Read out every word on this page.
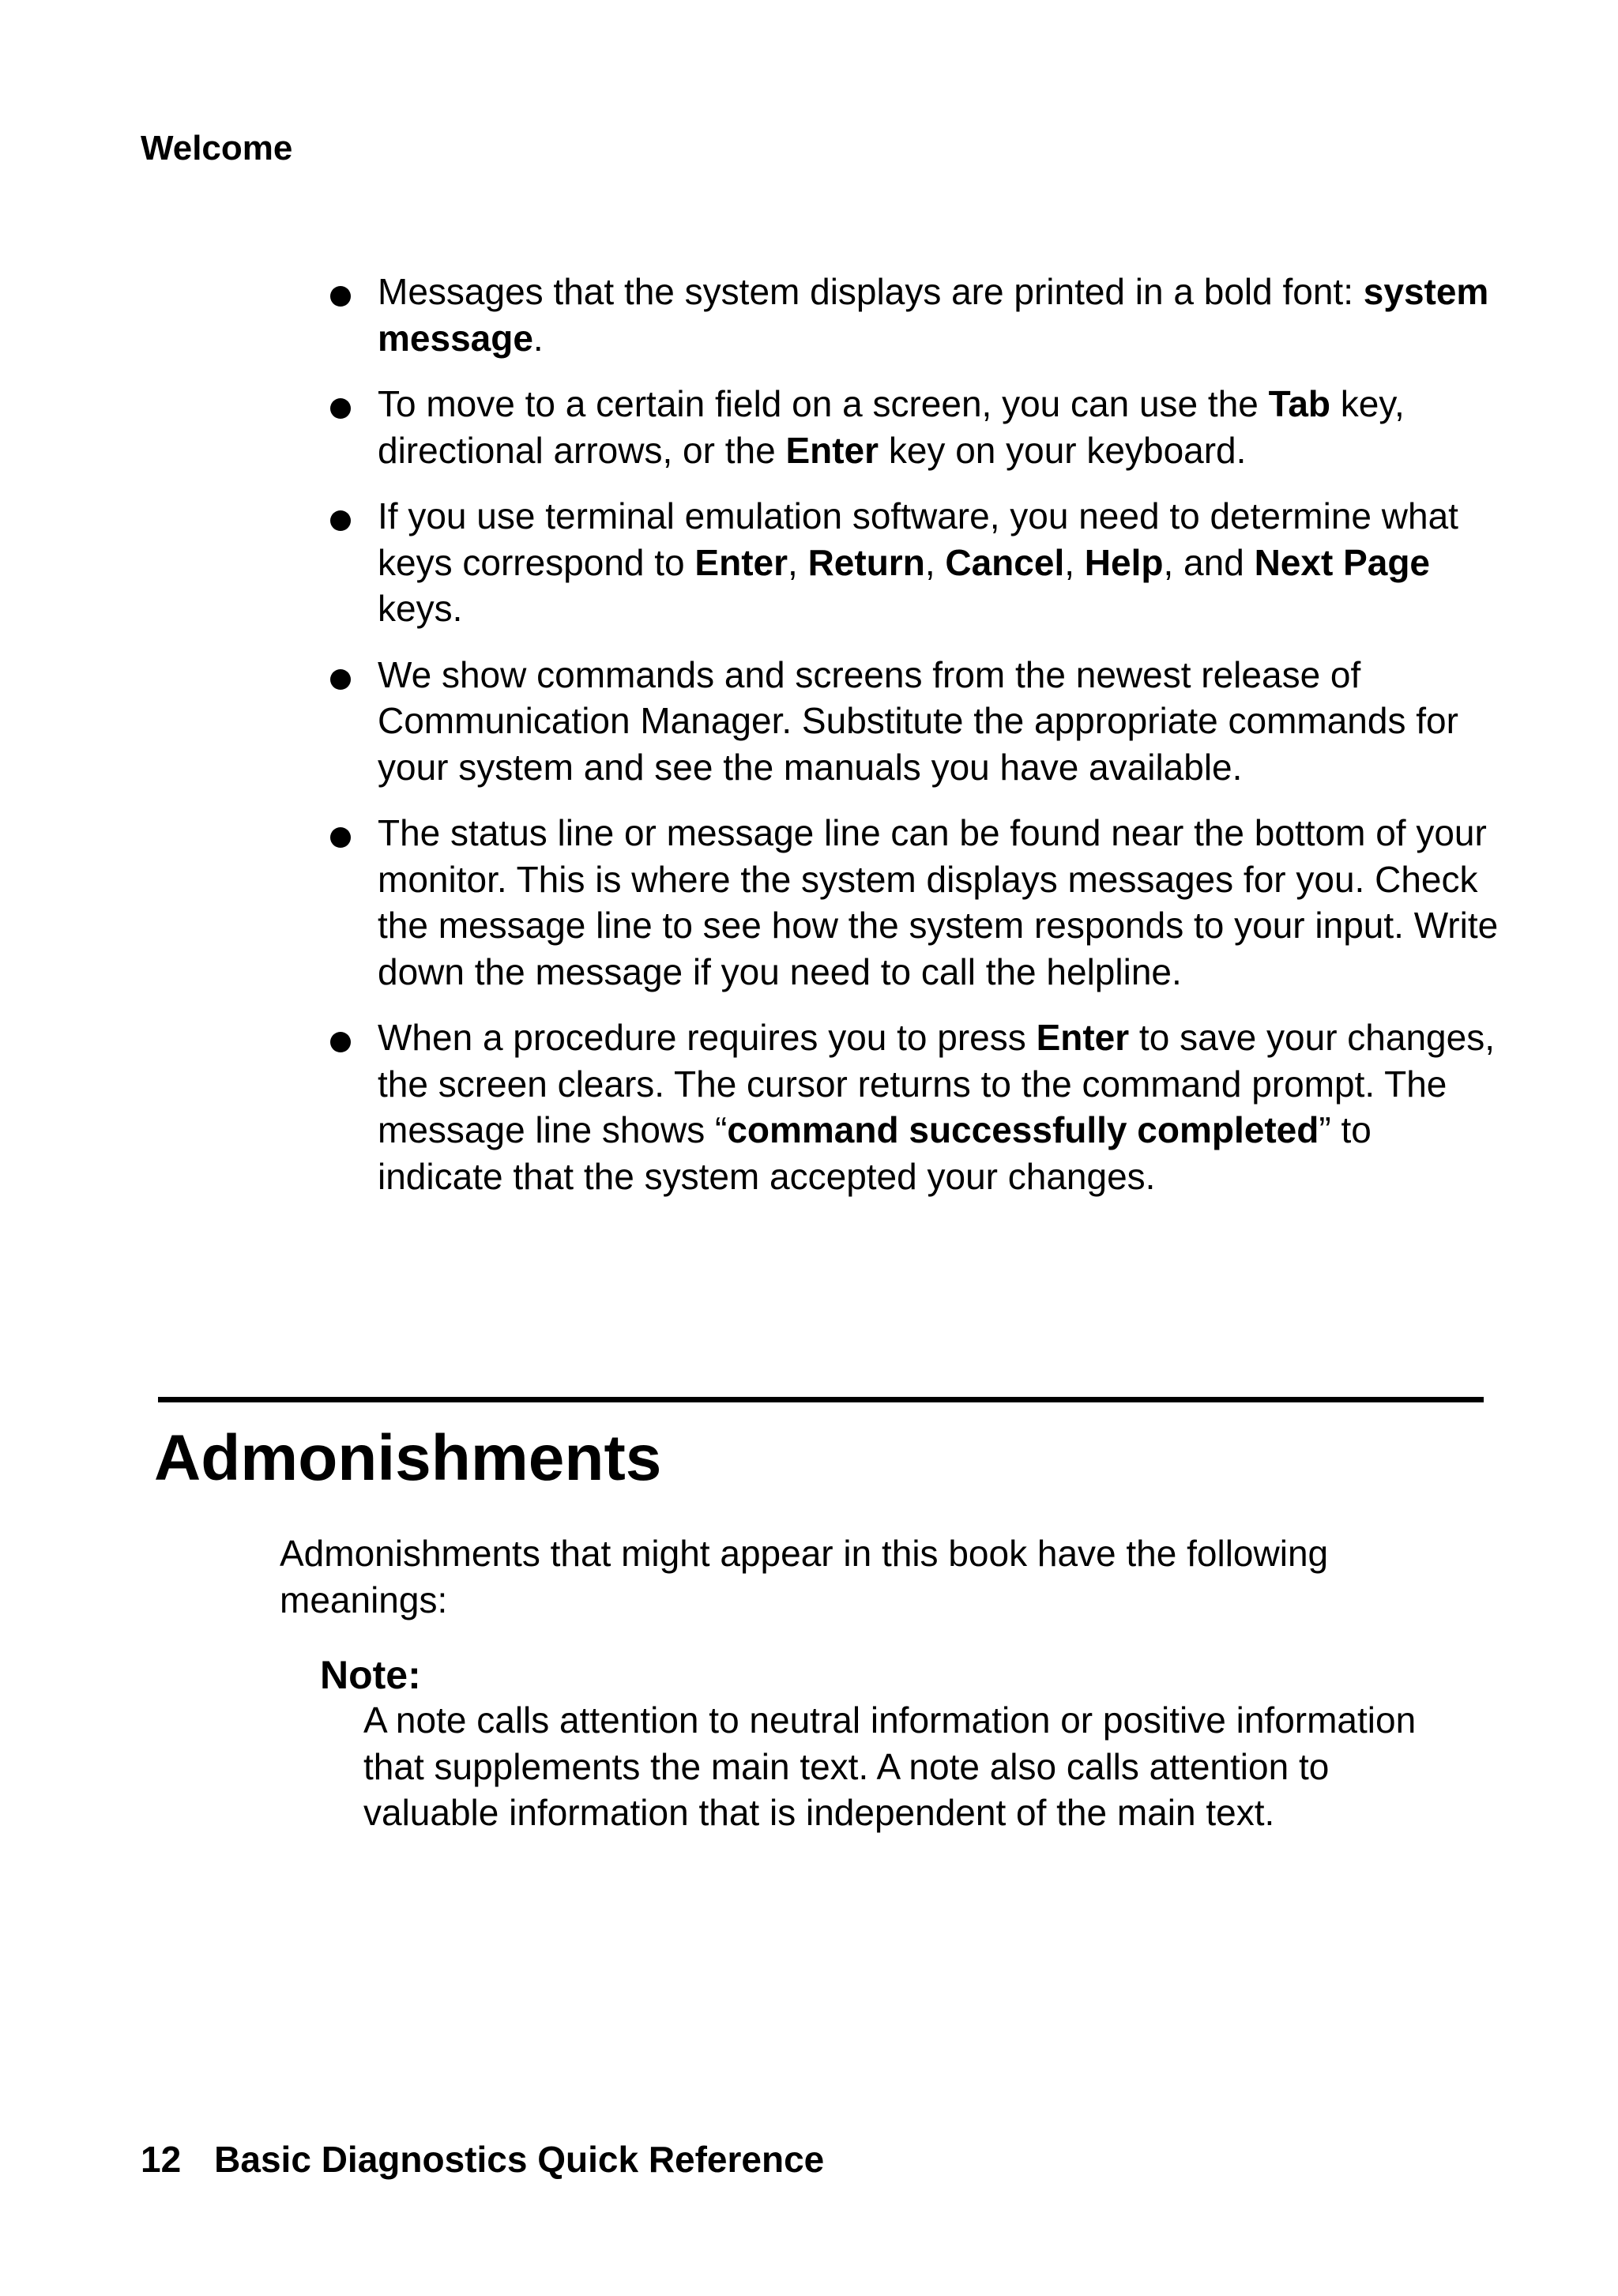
Welcome
Messages that the system displays are printed in a bold font: system message.
To move to a certain field on a screen, you can use the Tab key, directional arrows, or the Enter key on your keyboard.
If you use terminal emulation software, you need to determine what keys correspond to Enter, Return, Cancel, Help, and Next Page keys.
We show commands and screens from the newest release of Communication Manager. Substitute the appropriate commands for your system and see the manuals you have available.
The status line or message line can be found near the bottom of your monitor. This is where the system displays messages for you. Check the message line to see how the system responds to your input. Write down the message if you need to call the helpline.
When a procedure requires you to press Enter to save your changes, the screen clears. The cursor returns to the command prompt. The message line shows “command successfully completed” to indicate that the system accepted your changes.
Admonishments

Admonishments that might appear in this book have the following meanings:

Note:

A note calls attention to neutral information or positive information that supplements the main text. A note also calls attention to valuable information that is independent of the main text.

12 Basic Diagnostics Quick Reference
